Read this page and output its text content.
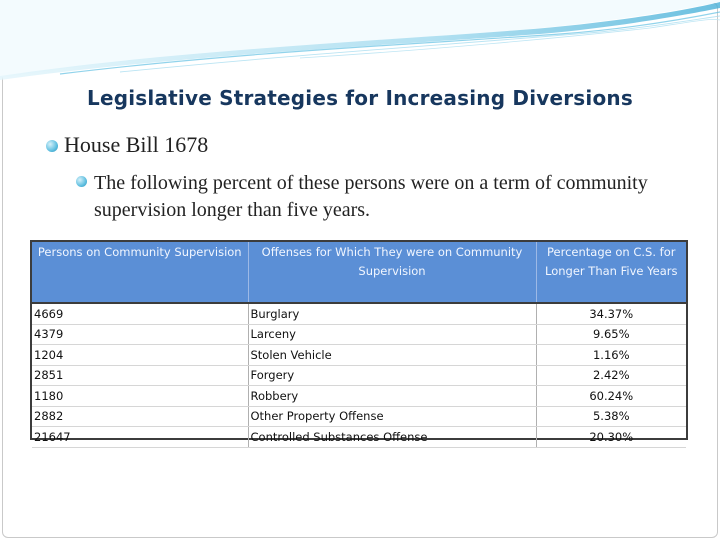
Legislative Strategies for Increasing Diversions
House Bill 1678
The following percent of these persons were on a term of community supervision longer than five years.
Persons on Community Supervision	Offenses for Which They were on Community Supervision	Percentage on C.S. for Longer Than Five Years
4669	Burglary	34.37%
4379	Larceny	9.65%
1204	Stolen Vehicle	1.16%
2851	Forgery	2.42%
1180	Robbery	60.24%
2882	Other Property Offense	5.38%
21647	Controlled Substances Offense	20.30%
